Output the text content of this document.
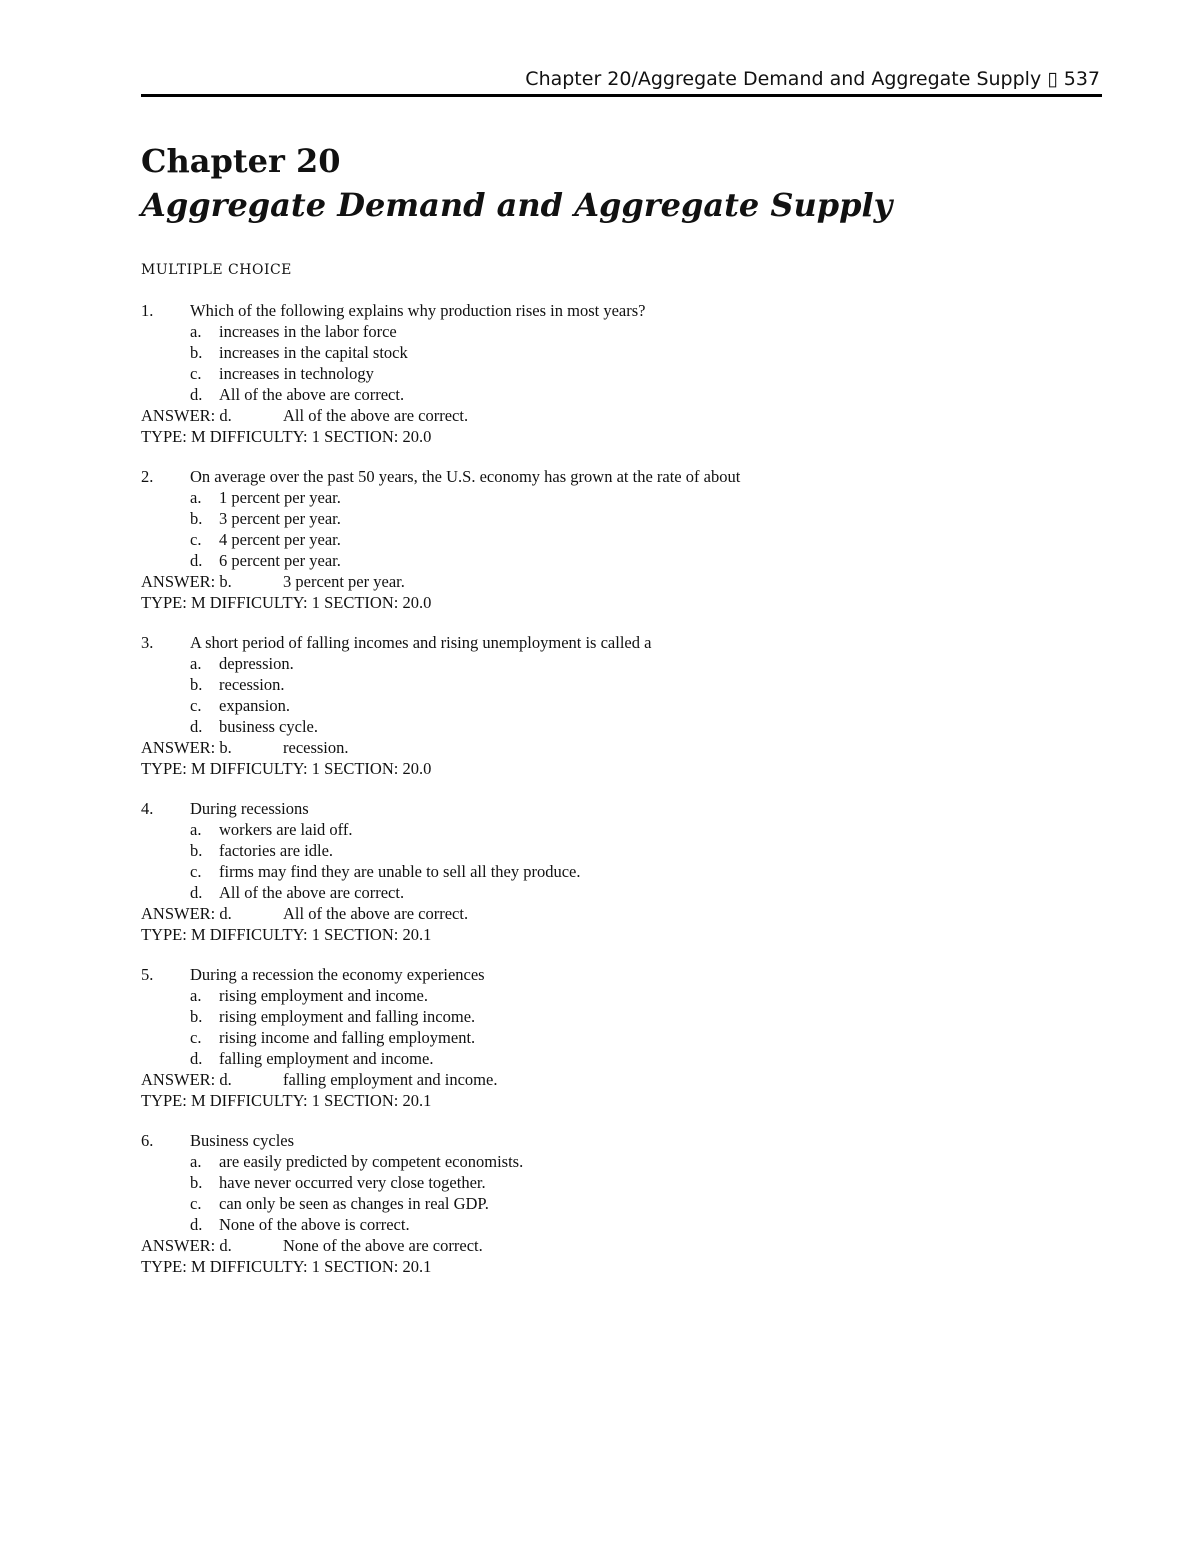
Chapter 20/Aggregate Demand and Aggregate Supply ▯ 537
Chapter 20
Aggregate Demand and Aggregate Supply
MULTIPLE CHOICE
1. Which of the following explains why production rises in most years?
a. increases in the labor force
b. increases in the capital stock
c. increases in technology
d. All of the above are correct.
ANSWER: d.	All of the above are correct.
TYPE: M DIFFICULTY: 1 SECTION: 20.0
2. On average over the past 50 years, the U.S. economy has grown at the rate of about
a. 1 percent per year.
b. 3 percent per year.
c. 4 percent per year.
d. 6 percent per year.
ANSWER: b.	3 percent per year.
TYPE: M DIFFICULTY: 1 SECTION: 20.0
3. A short period of falling incomes and rising unemployment is called a
a. depression.
b. recession.
c. expansion.
d. business cycle.
ANSWER: b.	recession.
TYPE: M DIFFICULTY: 1 SECTION: 20.0
4. During recessions
a. workers are laid off.
b. factories are idle.
c. firms may find they are unable to sell all they produce.
d. All of the above are correct.
ANSWER: d.	All of the above are correct.
TYPE: M DIFFICULTY: 1 SECTION: 20.1
5. During a recession the economy experiences
a. rising employment and income.
b. rising employment and falling income.
c. rising income and falling employment.
d. falling employment and income.
ANSWER: d.	falling employment and income.
TYPE: M DIFFICULTY: 1 SECTION: 20.1
6. Business cycles
a. are easily predicted by competent economists.
b. have never occurred very close together.
c. can only be seen as changes in real GDP.
d. None of the above is correct.
ANSWER: d.	None of the above are correct.
TYPE: M DIFFICULTY: 1 SECTION: 20.1
